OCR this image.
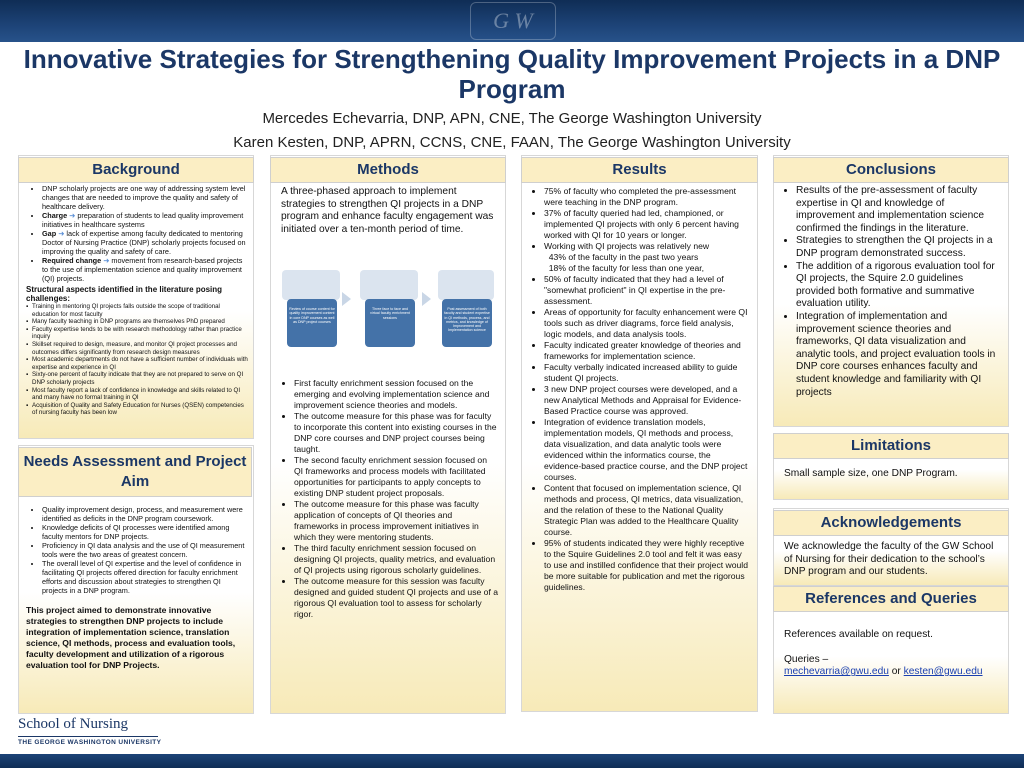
G W
Innovative Strategies for Strengthening Quality Improvement Projects in a DNP Program
Mercedes Echevarria, DNP, APN, CNE, The George Washington University
Karen Kesten, DNP, APRN, CCNS, CNE, FAAN, The George Washington University
Background
• DNP scholarly projects are one way of addressing system level changes that are needed to improve the quality and safety of healthcare delivery.
• Charge ➜ preparation of students to lead quality improvement initiatives in healthcare systems
• Gap ➜ lack of expertise among faculty dedicated to mentoring Doctor of Nursing Practice (DNP) scholarly projects focused on improving the quality and safety of care.
• Required change ➜ movement from research-based projects to the use of implementation science and quality improvement (QI) projects.
Structural aspects identified in the literature posing challenges:
▪ Training in mentoring QI projects falls outside the scope of traditional education for most faculty
▪ Many faculty teaching in DNP programs are themselves PhD prepared
▪ Faculty expertise tends to be with research methodology rather than practice inquiry
▪ Skillset required to design, measure, and monitor QI project processes and outcomes differs significantly from research design measures
▪ Most academic departments do not have a sufficient number of individuals with expertise and experience in QI
▪ Sixty-one percent of faculty indicate that they are not prepared to serve on QI DNP scholarly projects
▪ Most faculty report a lack of confidence in knowledge and skills related to QI and many have no formal training in QI
▪ Acquisition of Quality and Safety Education for Nurses (QSEN) competencies of nursing faculty has been low
Needs Assessment and Project Aim
• Quality improvement design, process, and measurement were identified as deficits in the DNP program coursework.
• Knowledge deficits of QI processes were identified among faculty mentors for DNP projects.
• Proficiency in QI data analysis and the use of QI measurement tools were the two areas of greatest concern.
• The overall level of QI expertise and the level of confidence in facilitating QI projects offered direction for faculty enrichment efforts and discussion about strategies to strengthen QI projects in a DNP program.
This project aimed to demonstrate innovative strategies to strengthen DNP projects to include integration of implementation science, translation science, QI methods, process and evaluation tools, faculty development and utilization of a rigorous evaluation tool for DNP Projects.
Methods
A three-phased approach to implement strategies to strengthen QI projects in a DNP program and enhance faculty engagement was initiated over a ten-month period of time.
Review of course content for quality improvement content in core DNP courses as well as DNP project courses
Three face to face and virtual faculty enrichment sessions
Post assessment of both faculty and student expertise in QI methods, process, and metrics, and knowledge of Improvement and Implementation science
• First faculty enrichment session focused on the emerging and evolving implementation science and improvement science theories and models.
• The outcome measure for this phase was for faculty to incorporate this content into existing courses in the DNP core courses and DNP project courses being taught.
• The second faculty enrichment session focused on QI frameworks and process models with facilitated opportunities for participants to apply concepts to existing DNP student project proposals.
• The outcome measure for this phase was faculty application of concepts of QI theories and frameworks in process improvement initiatives in which they were mentoring students.
• The third faculty enrichment session focused on designing QI projects, quality metrics, and evaluation of QI projects using rigorous scholarly guidelines.
• The outcome measure for this session was faculty designed and guided student QI projects and use of a rigorous QI evaluation tool to assess for scholarly rigor.
Results
• 75% of faculty who completed the pre-assessment were teaching in the DNP program.
• 37% of faculty queried had led, championed, or implemented QI projects with only 6 percent having worked with QI for 10 years or longer.
• Working with QI projects was relatively new
43% of the faculty in the past two years
18% of the faculty for less than one year,
• 50% of faculty indicated that they had a level of "somewhat proficient" in QI expertise in the pre-assessment.
• Areas of opportunity for faculty enhancement were QI tools such as driver diagrams, force field analysis, logic models, and data analysis tools.
• Faculty indicated greater knowledge of theories and frameworks for implementation science.
• Faculty verbally indicated increased ability to guide student QI projects.
• 3 new DNP project courses were developed, and a new Analytical Methods and Appraisal for Evidence-Based Practice course was approved.
• Integration of evidence translation models, implementation models, QI methods and process, data visualization, and data analytic tools were evidenced within the informatics course, the evidence-based practice course, and the DNP project courses.
• Content that focused on implementation science, QI methods and process, QI metrics, data visualization, and the relation of these to the National Quality Strategic Plan was added to the Healthcare Quality course.
• 95% of students indicated they were highly receptive to the Squire Guidelines 2.0 tool and felt it was easy to use and instilled confidence that their project would be more suitable for publication and met the rigorous guidelines.
Conclusions
• Results of the pre-assessment of faculty expertise in QI and knowledge of improvement and implementation science confirmed the findings in the literature.
• Strategies to strengthen the QI projects in a DNP program demonstrated success.
• The addition of a rigorous evaluation tool for QI projects, the Squire 2.0 guidelines provided both formative and summative evaluation utility.
• Integration of implementation and improvement science theories and frameworks, QI data visualization and analytic tools, and project evaluation tools in DNP core courses enhances faculty and student knowledge and familiarity with QI projects
Limitations
Small sample size, one DNP Program.
Acknowledgements
We acknowledge the faculty of the GW School of Nursing for their dedication to the school’s DNP program and our students.
References and Queries
References available on request.
Queries –
mechevarria@gwu.edu or kesten@gwu.edu
School of Nursing
THE GEORGE WASHINGTON UNIVERSITY
